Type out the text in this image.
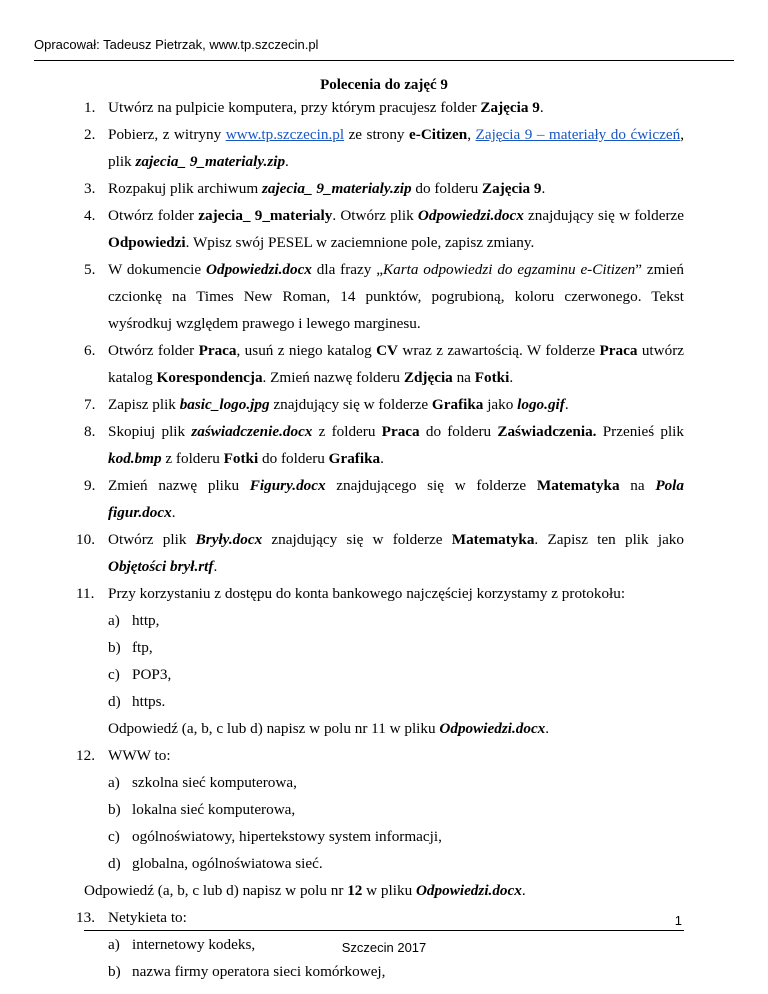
Opracował: Tadeusz Pietrzak, www.tp.szczecin.pl
Polecenia do zajęć 9
1. Utwórz na pulpicie komputera, przy którym pracujesz folder Zajęcia 9.
2. Pobierz, z witryny www.tp.szczecin.pl ze strony e-Citizen, Zajęcia 9 – materiały do ćwiczeń, plik zajecia_ 9_materialy.zip.
3. Rozpakuj plik archiwum zajecia_ 9_materialy.zip do folderu Zajęcia 9.
4. Otwórz folder zajecia_ 9_materialy. Otwórz plik Odpowiedzi.docx znajdujący się w folderze Odpowiedzi. Wpisz swój PESEL w zaciemnione pole, zapisz zmiany.
5. W dokumencie Odpowiedzi.docx dla frazy „Karta odpowiedzi do egzaminu e-Citizen” zmień czcionkę na Times New Roman, 14 punktów, pogrubioną, koloru czerwonego. Tekst wyśrodkuj względem prawego i lewego marginesu.
6. Otwórz folder Praca, usuń z niego katalog CV wraz z zawartością. W folderze Praca utwórz katalog Korespondencja. Zmień nazwę folderu Zdjęcia na Fotki.
7. Zapisz plik basic_logo.jpg znajdujący się w folderze Grafika jako logo.gif.
8. Skopiuj plik zaświadczenie.docx z folderu Praca do folderu Zaświadczenia. Przenieś plik kod.bmp z folderu Fotki do folderu Grafika.
9. Zmień nazwę pliku Figury.docx znajdującego się w folderze Matematyka na Pola figur.docx.
10. Otwórz plik Bryły.docx znajdujący się w folderze Matematyka. Zapisz ten plik jako Objętości brył.rtf.
11. Przy korzystaniu z dostępu do konta bankowego najczęściej korzystamy z protokołu:
a) http,
b) ftp,
c) POP3,
d) https.
Odpowiedź (a, b, c lub d) napisz w polu nr 11 w pliku Odpowiedzi.docx.
12. WWW to:
a) szkolna sieć komputerowa,
b) lokalna sieć komputerowa,
c) ogólnoświatowy, hipertekstowy system informacji,
d) globalna, ogólnoświatowa sieć.
Odpowiedź (a, b, c lub d) napisz w polu nr 12 w pliku Odpowiedzi.docx.
13. Netykieta to:
a) internetowy kodeks,
b) nazwa firmy operatora sieci komórkowej,
1
Szczecin 2017
